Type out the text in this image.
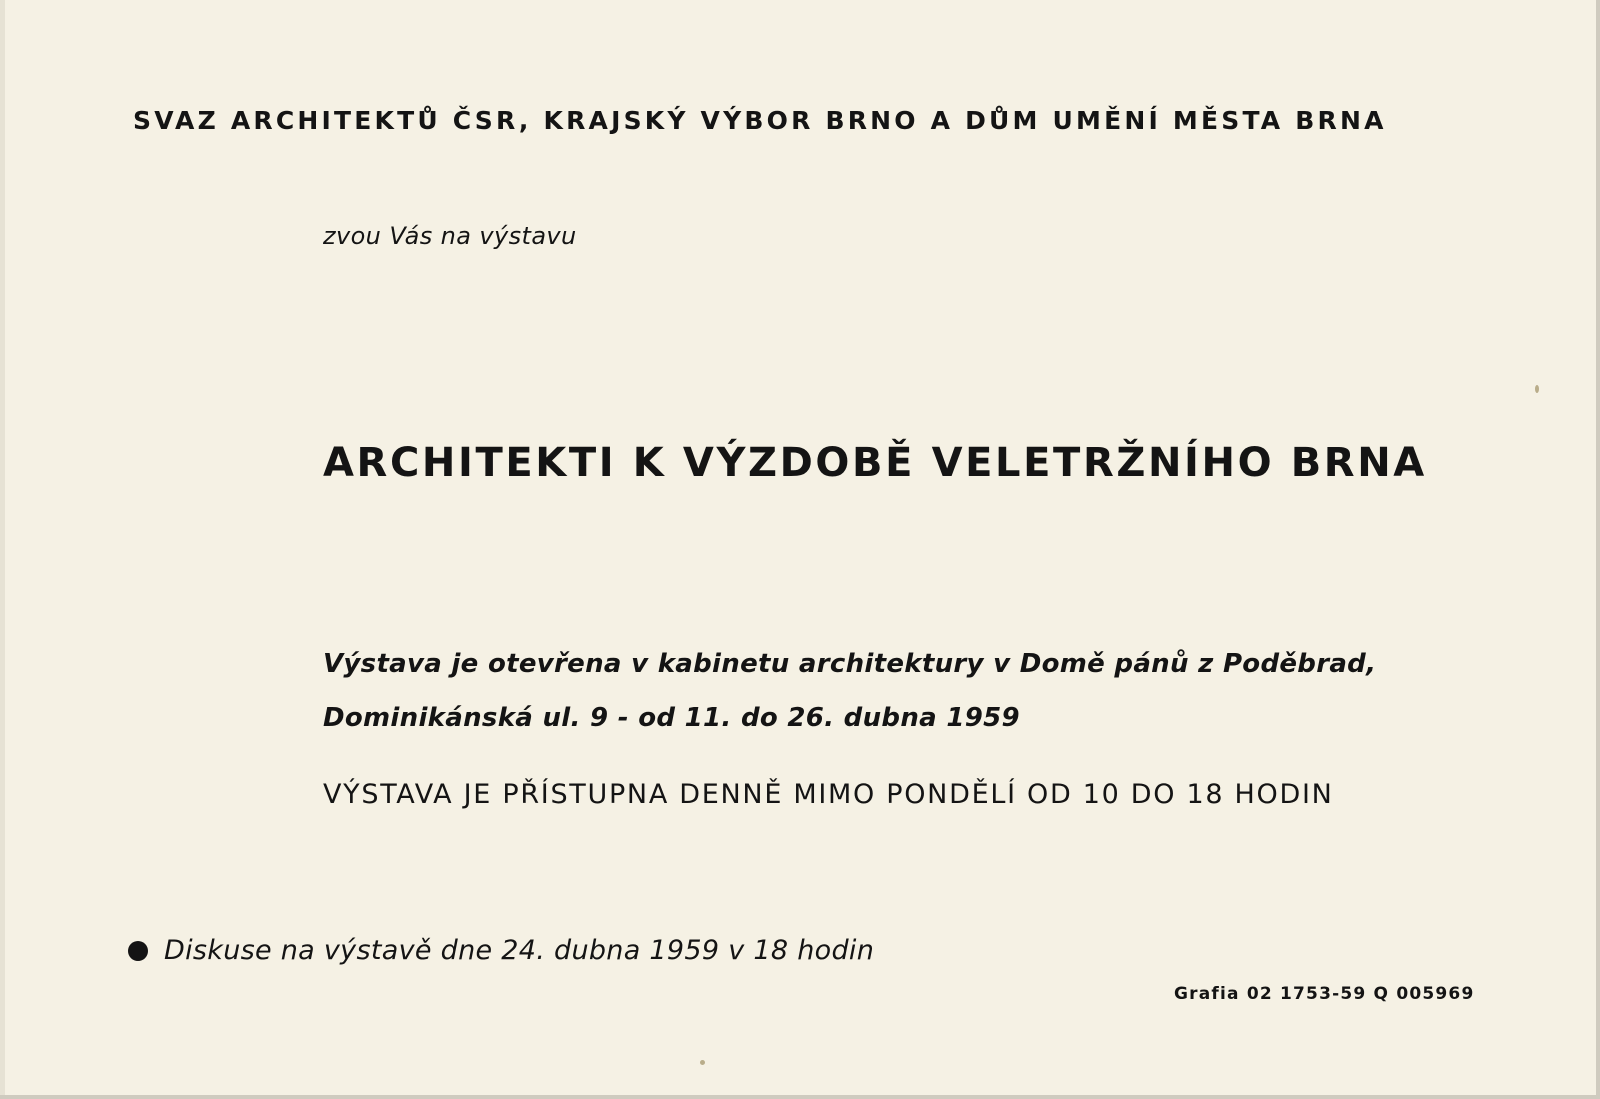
SVAZ ARCHITEKTŮ ČSR, KRAJSKÝ VÝBOR BRNO A DŮM UMĚNÍ MĚSTA BRNA
zvou Vás na výstavu
ARCHITEKTI K VÝZDOBĚ VELETRŽNÍHO BRNA
Výstava je otevřena v kabinetu architektury v Domě pánů z Poděbrad,
Dominikánská ul. 9 - od 11. do 26. dubna 1959
VÝSTAVA JE PŘÍSTUPNA DENNĚ MIMO PONDĚLÍ OD 10 DO 18 HODIN
Diskuse na výstavě dne 24. dubna 1959 v 18 hodin
Grafia 02 1753-59 Q 005969
